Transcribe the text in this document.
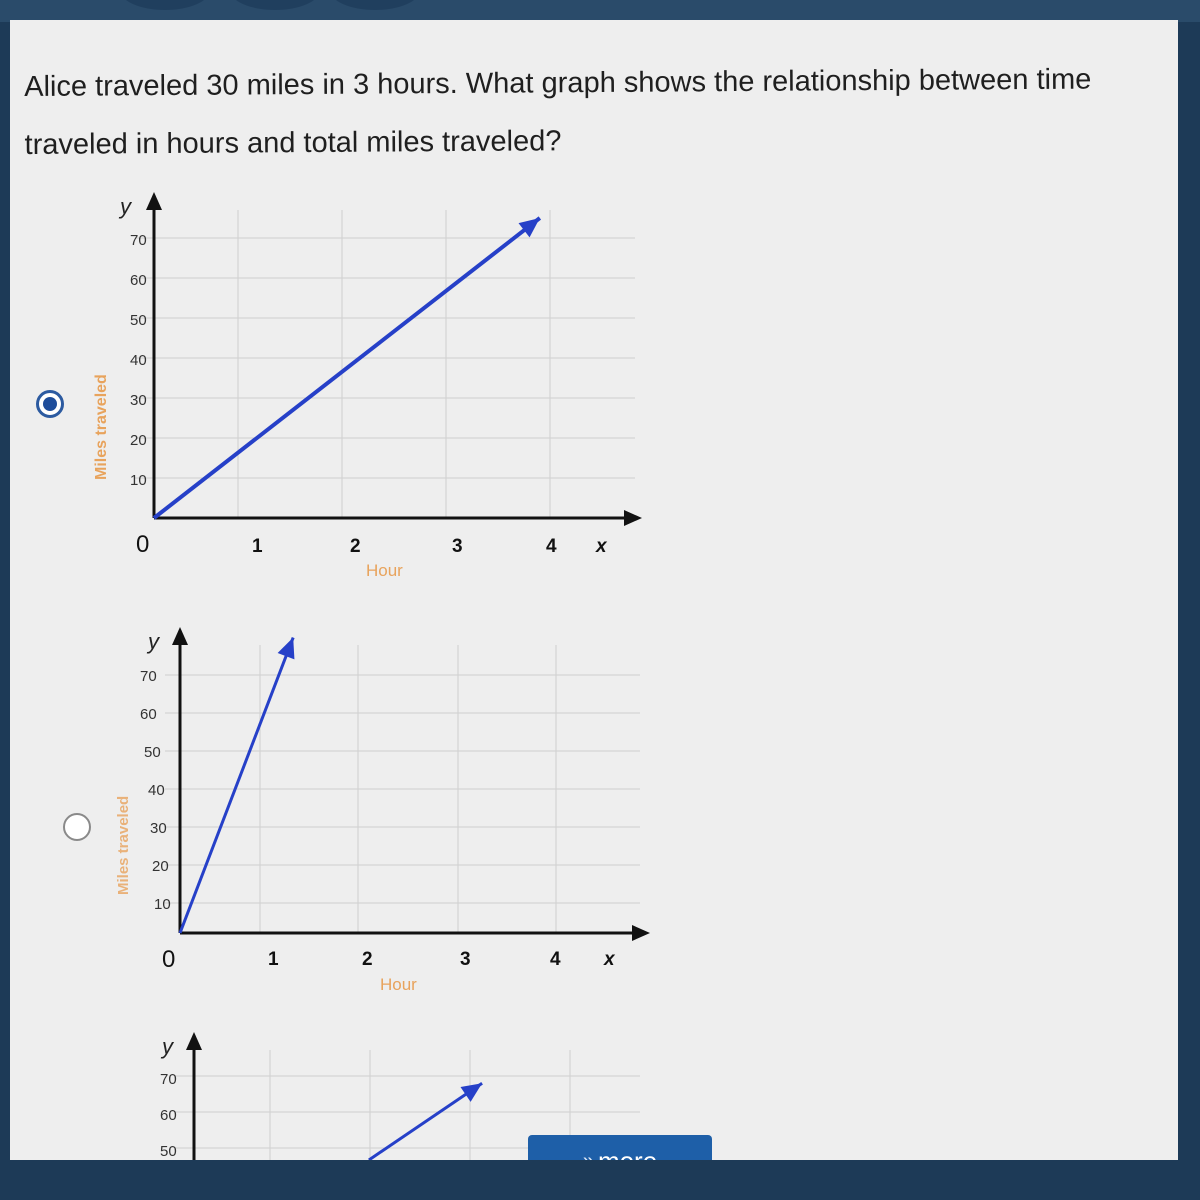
Alice traveled 30 miles in 3 hours. What graph shows the relationship between time traveled in hours and total miles traveled?

y
70
60
50
40
30
20
10
0	1	2	3	4 x
Hour
Miles traveled
y
70
60
50
40
30
20
10
0	1	2	3	4 x
Hour
Miles traveled
y
70
60
50
